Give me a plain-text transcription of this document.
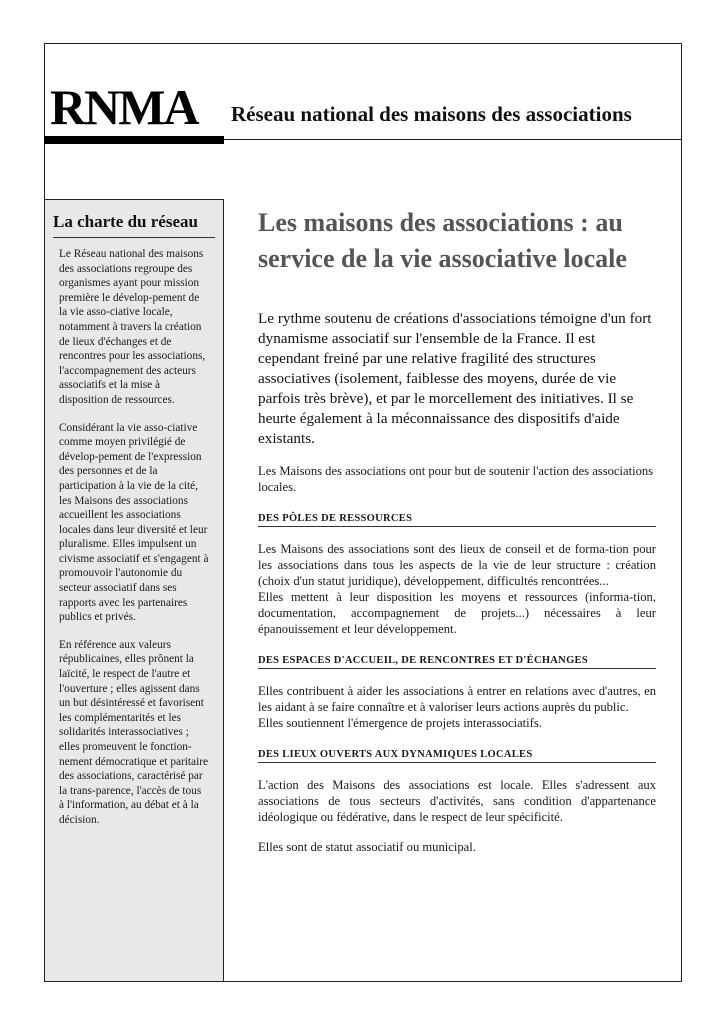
RNMA Réseau national des maisons des associations
La charte du réseau

Le Réseau national des maisons des associations regroupe des organismes ayant pour mission première le dévelop-pement de la vie asso-ciative locale, notamment à travers la création de lieux d'échanges et de rencontres pour les associations, l'accompagnement des acteurs associatifs et la mise à disposition de ressources.

Considérant la vie asso-ciative comme moyen privilégié de dévelop-pement de l'expression des personnes et de la participation à la vie de la cité, les Maisons des associations accueillent les associations locales dans leur diversité et leur pluralisme. Elles impulsent un civisme associatif et s'engagent à promouvoir l'autonomie du secteur associatif dans ses rapports avec les partenaires publics et privés.

En référence aux valeurs républicaines, elles prônent la laïcité, le respect de l'autre et l'ouverture ; elles agissent dans un but désintéressé et favorisent les complémentarités et les solidarités interassociatives ; elles promeuvent le fonction-nement démocratique et paritaire des associations, caractérisé par la trans-parence, l'accès de tous à l'information, au débat et à la décision.

Les maisons des associations : au service de la vie associative locale

Le rythme soutenu de créations d'associations témoigne d'un fort dynamisme associatif sur l'ensemble de la France. Il est cependant freiné par une relative fragilité des structures associatives (isolement, faiblesse des moyens, durée de vie parfois très brève), et par le morcellement des initiatives. Il se heurte également à la méconnaissance des dispositifs d'aide existants.

Les Maisons des associations ont pour but de soutenir l'action des associations locales.

DES PÔLES DE RESSOURCES

Les Maisons des associations sont des lieux de conseil et de forma-tion pour les associations dans tous les aspects de la vie de leur structure : création (choix d'un statut juridique), développement, difficultés rencontrées...

Elles mettent à leur disposition les moyens et ressources (informa-tion, documentation, accompagnement de projets...) nécessaires à leur épanouissement et leur développement.

DES ESPACES D'ACCUEIL, DE RENCONTRES ET D'ÉCHANGES

Elles contribuent à aider les associations à entrer en relations avec d'autres, en les aidant à se faire connaître et à valoriser leurs actions auprès du public.

Elles soutiennent l'émergence de projets interassociatifs.

DES LIEUX OUVERTS AUX DYNAMIQUES LOCALES

L'action des Maisons des associations est locale. Elles s'adressent aux associations de tous secteurs d'activités, sans condition d'appartenance idéologique ou fédérative, dans le respect de leur spécificité.

Elles sont de statut associatif ou municipal.
